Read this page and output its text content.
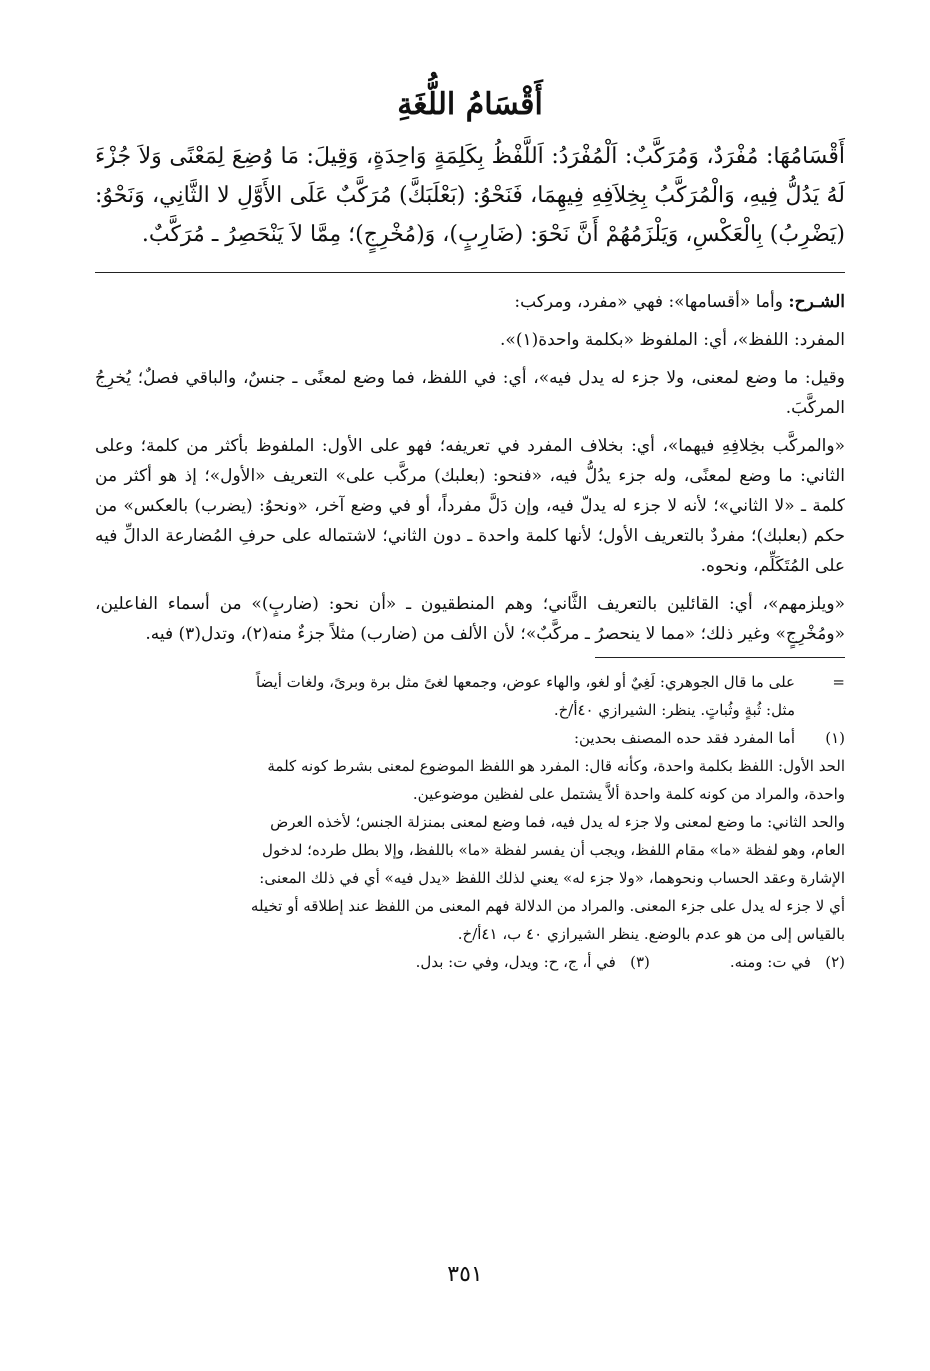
أَقْسَامُ اللُّغَةِ

أَقْسَامُهَا: مُفْرَدٌ، وَمُرَكَّبٌ: اَلْمُفْرَدُ: اَللَّفْظُ بِكَلِمَةٍ وَاحِدَةٍ، وَقِيلَ: مَا وُضِعَ لِمَعْنًى وَلاَ جُزْءَ لَهُ يَدُلُّ فِيهِ، وَالْمُرَكَّبُ بِخِلاَفِهِ فِيهِمَا، فَنَحْوُ: (بَعْلَبَكَّ) مُرَكَّبٌ عَلَى الأَوَّلِ لا الثَّانِي، وَنَحْوُ: (يَضْرِبُ) بِالْعَكْسِ، وَيَلْزَمُهُمْ أَنَّ نَحْوَ: (ضَارِبٍ)، وَ(مُخْرِجٍ)؛ مِمَّا لاَ يَنْحَصِرُ ـ مُرَكَّبٌ.

الشـرح: وأما «أقسامها»: فهي «مفرد، ومركب:

المفرد: اللفظ»، أي: الملفوظ «بكلمة واحدة(١)».

وقيل: ما وضع لمعنى، ولا جزء له يدل فيه»، أي: في اللفظ، فما وضع لمعنًى ـ جنسٌ، والباقي فصلٌ؛ يُخرِجُ المركَّبَ.

«والمركَّب بخِلافِهِ فيهما»، أي: بخلاف المفرد في تعريفه؛ فهو على الأول: الملفوظ بأكثر من كلمة؛ وعلى الثاني: ما وضع لمعنًى، وله جزء يدُلُّ فيه، «فنحو: (بعلبك) مركَّب على» التعريف «الأول»؛ إذ هو أكثر من كلمة ـ «لا الثاني»؛ لأنه لا جزء له يدلّ فيه، وإن دَلَّ مفرداً، أو في وضع آخر، «ونحوُ: (يضرب) بالعكس» من حكم (بعلبك)؛ مفردٌ بالتعريف الأول؛ لأنها كلمة واحدة ـ دون الثاني؛ لاشتماله على حرفِ المُضارعة الدالِّ فيه على المُتَكَلِّم، ونحوه.

«ويلزمهم»، أي: القائلين بالتعريف الثَّاني؛ وهم المنطقيون ـ «أن نحو: (ضاربٍ)» من أسماء الفاعلين، «ومُخْرِجٍ» وغير ذلك؛ «مما لا ينحصرُ ـ مركَّبٌ»؛ لأن الألف من (ضارب) مثلاً جزءٌ منه(٢)، وتدل(٣) فيه.

=
على ما قال الجوهري: لَغِيٌ أو لغو، والهاء عوض، وجمعها لغىً مثل برة وبرىً، ولغات أيضاً
مثل: ثُبةٍ وثُباتٍ. ينظر: الشيرازي ٤٠أ/خ.
(١)
أما المفرد فقد حده المصنف بحدين:
الحد الأول: اللفظ بكلمة واحدة، وكأنه قال: المفرد هو اللفظ الموضوع لمعنى بشرط كونه كلمة
واحدة، والمراد من كونه كلمة واحدة ألاَّ يشتمل على لفظين موضوعين.
والحد الثاني: ما وضع لمعنى ولا جزء له يدل فيه، فما وضع لمعنى بمنزلة الجنس؛ لأخذه العرض
العام، وهو لفظة «ما» مقام اللفظ، ويجب أن يفسر لفظة «ما» باللفظ، وإلا بطل طرده؛ لدخول
الإشارة وعقد الحساب ونحوهما، «ولا جزء له» يعني لذلك اللفظ «يدل فيه» أي في ذلك المعنى:
أي لا جزء له يدل على جزء المعنى. والمراد من الدلالة فهم المعنى من اللفظ عند إطلاقه أو تخيله
بالقياس إلى من هو عدم بالوضع. ينظر الشيرازي ٤٠ ب، ٤١أ/خ.
(٢)   في ت: ومنه.
(٣)   في أ، ج، ح: ويدل، وفي ت: بدل.
٣٥١
